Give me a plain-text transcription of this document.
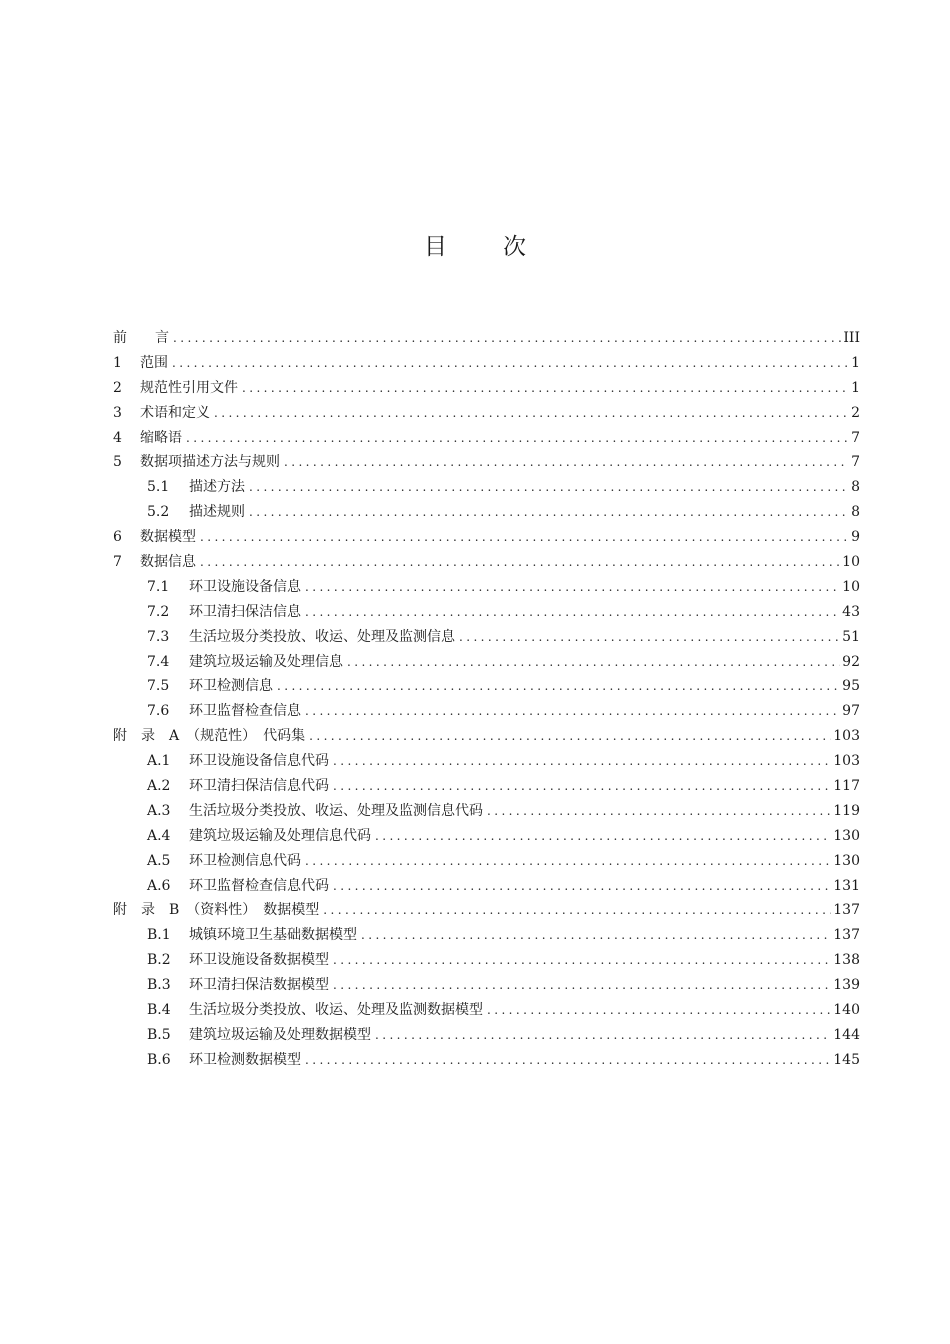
目 次
前　　言 . . .	III
1	范围 . . .	1
2	规范性引用文件 . . .	1
3	术语和定义 . . .	2
4	缩略语 . . .	7
5	数据项描述方法与规则 . . .	7
5.1	描述方法 . . .	8
5.2	描述规则 . . .	8
6	数据模型 . . .	9
7	数据信息 . . .	10
7.1	环卫设施设备信息 . . .	10
7.2	环卫清扫保洁信息 . . .	43
7.3	生活垃圾分类投放、收运、处理及监测信息 . . .	51
7.4	建筑垃圾运输及处理信息 . . .	92
7.5	环卫检测信息 . . .	95
7.6	环卫监督检查信息 . . .	97
附　录　A　（规范性）　代码集 . . .	103
A.1	环卫设施设备信息代码 . . .	103
A.2	环卫清扫保洁信息代码 . . .	117
A.3	生活垃圾分类投放、收运、处理及监测信息代码 . . .	119
A.4	建筑垃圾运输及处理信息代码 . . .	130
A.5	环卫检测信息代码 . . .	130
A.6	环卫监督检查信息代码 . . .	131
附　录　B　（资料性）　数据模型 . . .	137
B.1	城镇环境卫生基础数据模型 . . .	137
B.2	环卫设施设备数据模型 . . .	138
B.3	环卫清扫保洁数据模型 . . .	139
B.4	生活垃圾分类投放、收运、处理及监测数据模型 . . .	140
B.5	建筑垃圾运输及处理数据模型 . . .	144
B.6	环卫检测数据模型 . . .	145
